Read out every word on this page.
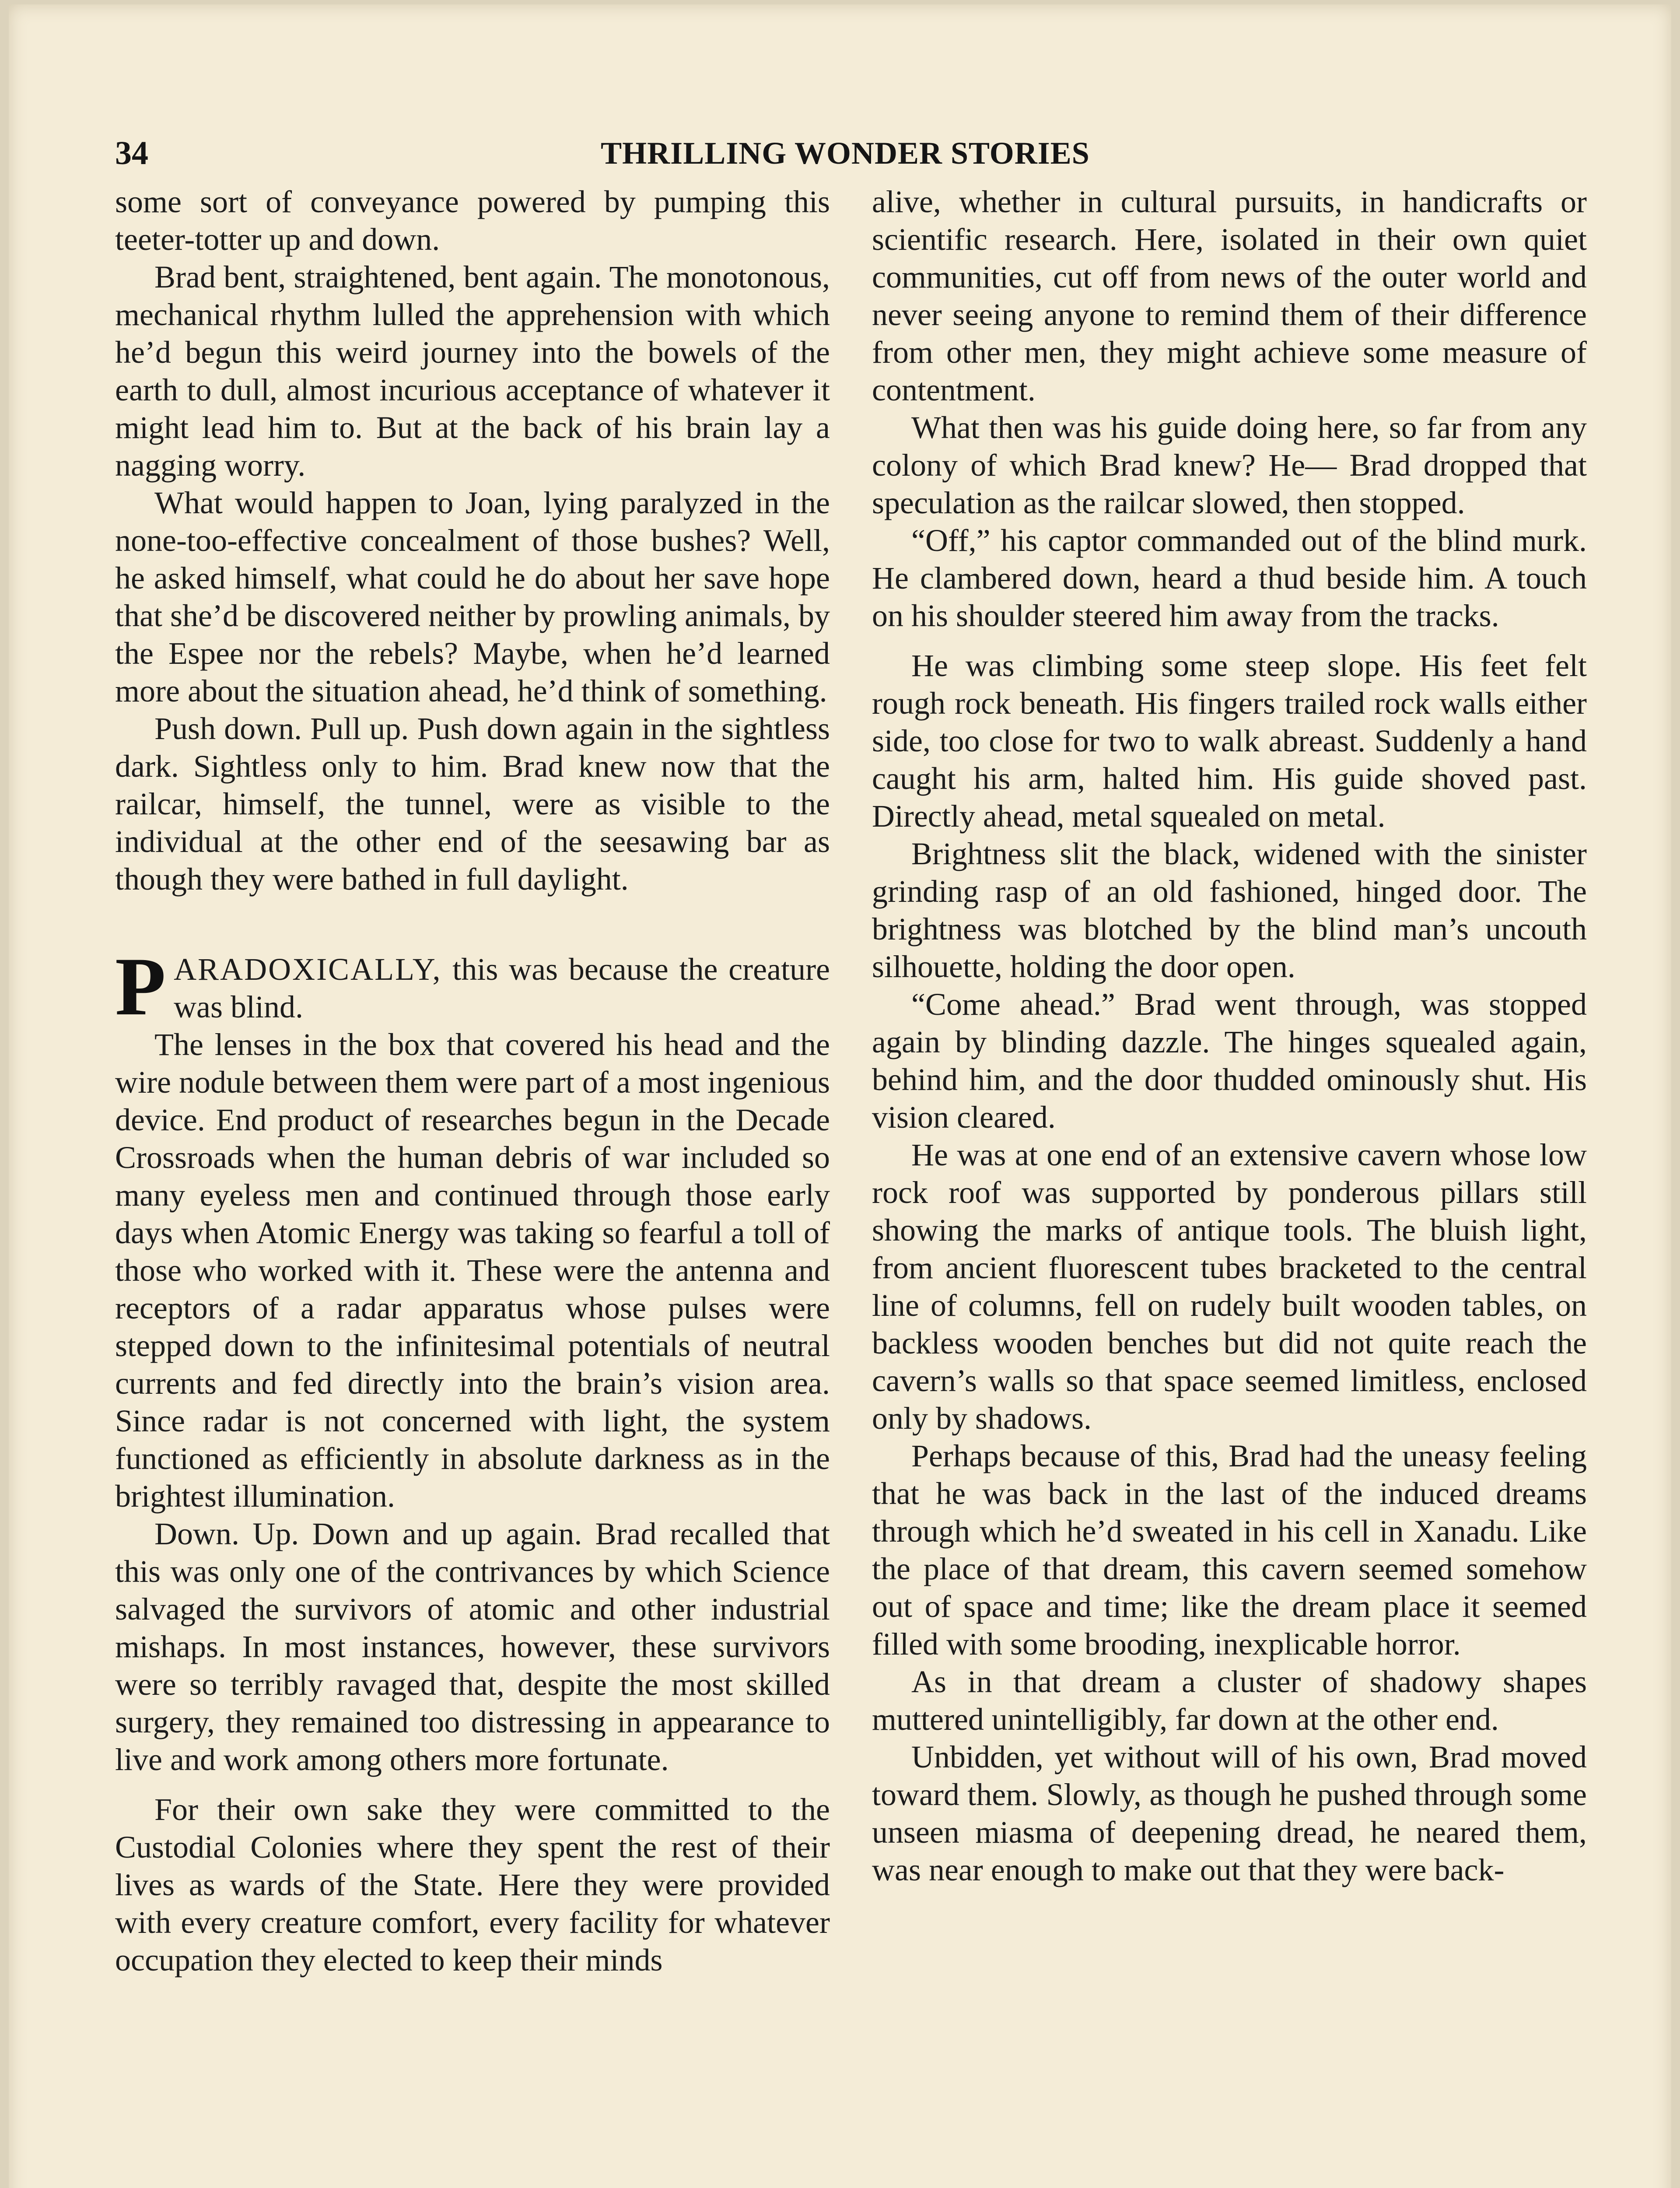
34	THRILLING WONDER STORIES

some sort of conveyance powered by pumping this teeter-totter up and down.

Brad bent, straightened, bent again. The monotonous, mechanical rhythm lulled the apprehension with which he’d begun this weird journey into the bowels of the earth to dull, almost incurious acceptance of whatever it might lead him to. But at the back of his brain lay a nagging worry.

What would happen to Joan, lying paralyzed in the none-too-effective concealment of those bushes? Well, he asked himself, what could he do about her save hope that she’d be discovered neither by prowling animals, by the Espee nor the rebels? Maybe, when he’d learned more about the situation ahead, he’d think of something.

Push down. Pull up. Push down again in the sightless dark. Sightless only to him. Brad knew now that the railcar, himself, the tunnel, were as visible to the individual at the other end of the seesawing bar as though they were bathed in full daylight.

PARADOXICALLY, this was because the creature was blind.

The lenses in the box that covered his head and the wire nodule between them were part of a most ingenious device. End product of researches begun in the Decade Crossroads when the human debris of war included so many eyeless men and continued through those early days when Atomic Energy was taking so fearful a toll of those who worked with it. These were the antenna and receptors of a radar apparatus whose pulses were stepped down to the infinitesimal potentials of neutral currents and fed directly into the brain’s vision area. Since radar is not concerned with light, the system functioned as efficiently in absolute darkness as in the brightest illumination.

Down. Up. Down and up again. Brad recalled that this was only one of the contrivances by which Science salvaged the survivors of atomic and other industrial mishaps. In most instances, however, these survivors were so terribly ravaged that, despite the most skilled surgery, they remained too distressing in appearance to live and work among others more fortunate.

For their own sake they were committed to the Custodial Colonies where they spent the rest of their lives as wards of the State. Here they were provided with every creature comfort, every facility for whatever occupation they elected to keep their minds

alive, whether in cultural pursuits, in handicrafts or scientific research. Here, isolated in their own quiet communities, cut off from news of the outer world and never seeing anyone to remind them of their difference from other men, they might achieve some measure of contentment.

What then was his guide doing here, so far from any colony of which Brad knew? He— Brad dropped that speculation as the railcar slowed, then stopped.

“Off,” his captor commanded out of the blind murk. He clambered down, heard a thud beside him. A touch on his shoulder steered him away from the tracks.

He was climbing some steep slope. His feet felt rough rock beneath. His fingers trailed rock walls either side, too close for two to walk abreast. Suddenly a hand caught his arm, halted him. His guide shoved past. Directly ahead, metal squealed on metal.

Brightness slit the black, widened with the sinister grinding rasp of an old fashioned, hinged door. The brightness was blotched by the blind man’s uncouth silhouette, holding the door open.

“Come ahead.” Brad went through, was stopped again by blinding dazzle. The hinges squealed again, behind him, and the door thudded ominously shut. His vision cleared.

He was at one end of an extensive cavern whose low rock roof was supported by ponderous pillars still showing the marks of antique tools. The bluish light, from ancient fluorescent tubes bracketed to the central line of columns, fell on rudely built wooden tables, on backless wooden benches but did not quite reach the cavern’s walls so that space seemed limitless, enclosed only by shadows.

Perhaps because of this, Brad had the uneasy feeling that he was back in the last of the induced dreams through which he’d sweated in his cell in Xanadu. Like the place of that dream, this cavern seemed somehow out of space and time; like the dream place it seemed filled with some brooding, inexplicable horror.

As in that dream a cluster of shadowy shapes muttered unintelligibly, far down at the other end.

Unbidden, yet without will of his own, Brad moved toward them. Slowly, as though he pushed through some unseen miasma of deepening dread, he neared them, was near enough to make out that they were back-
